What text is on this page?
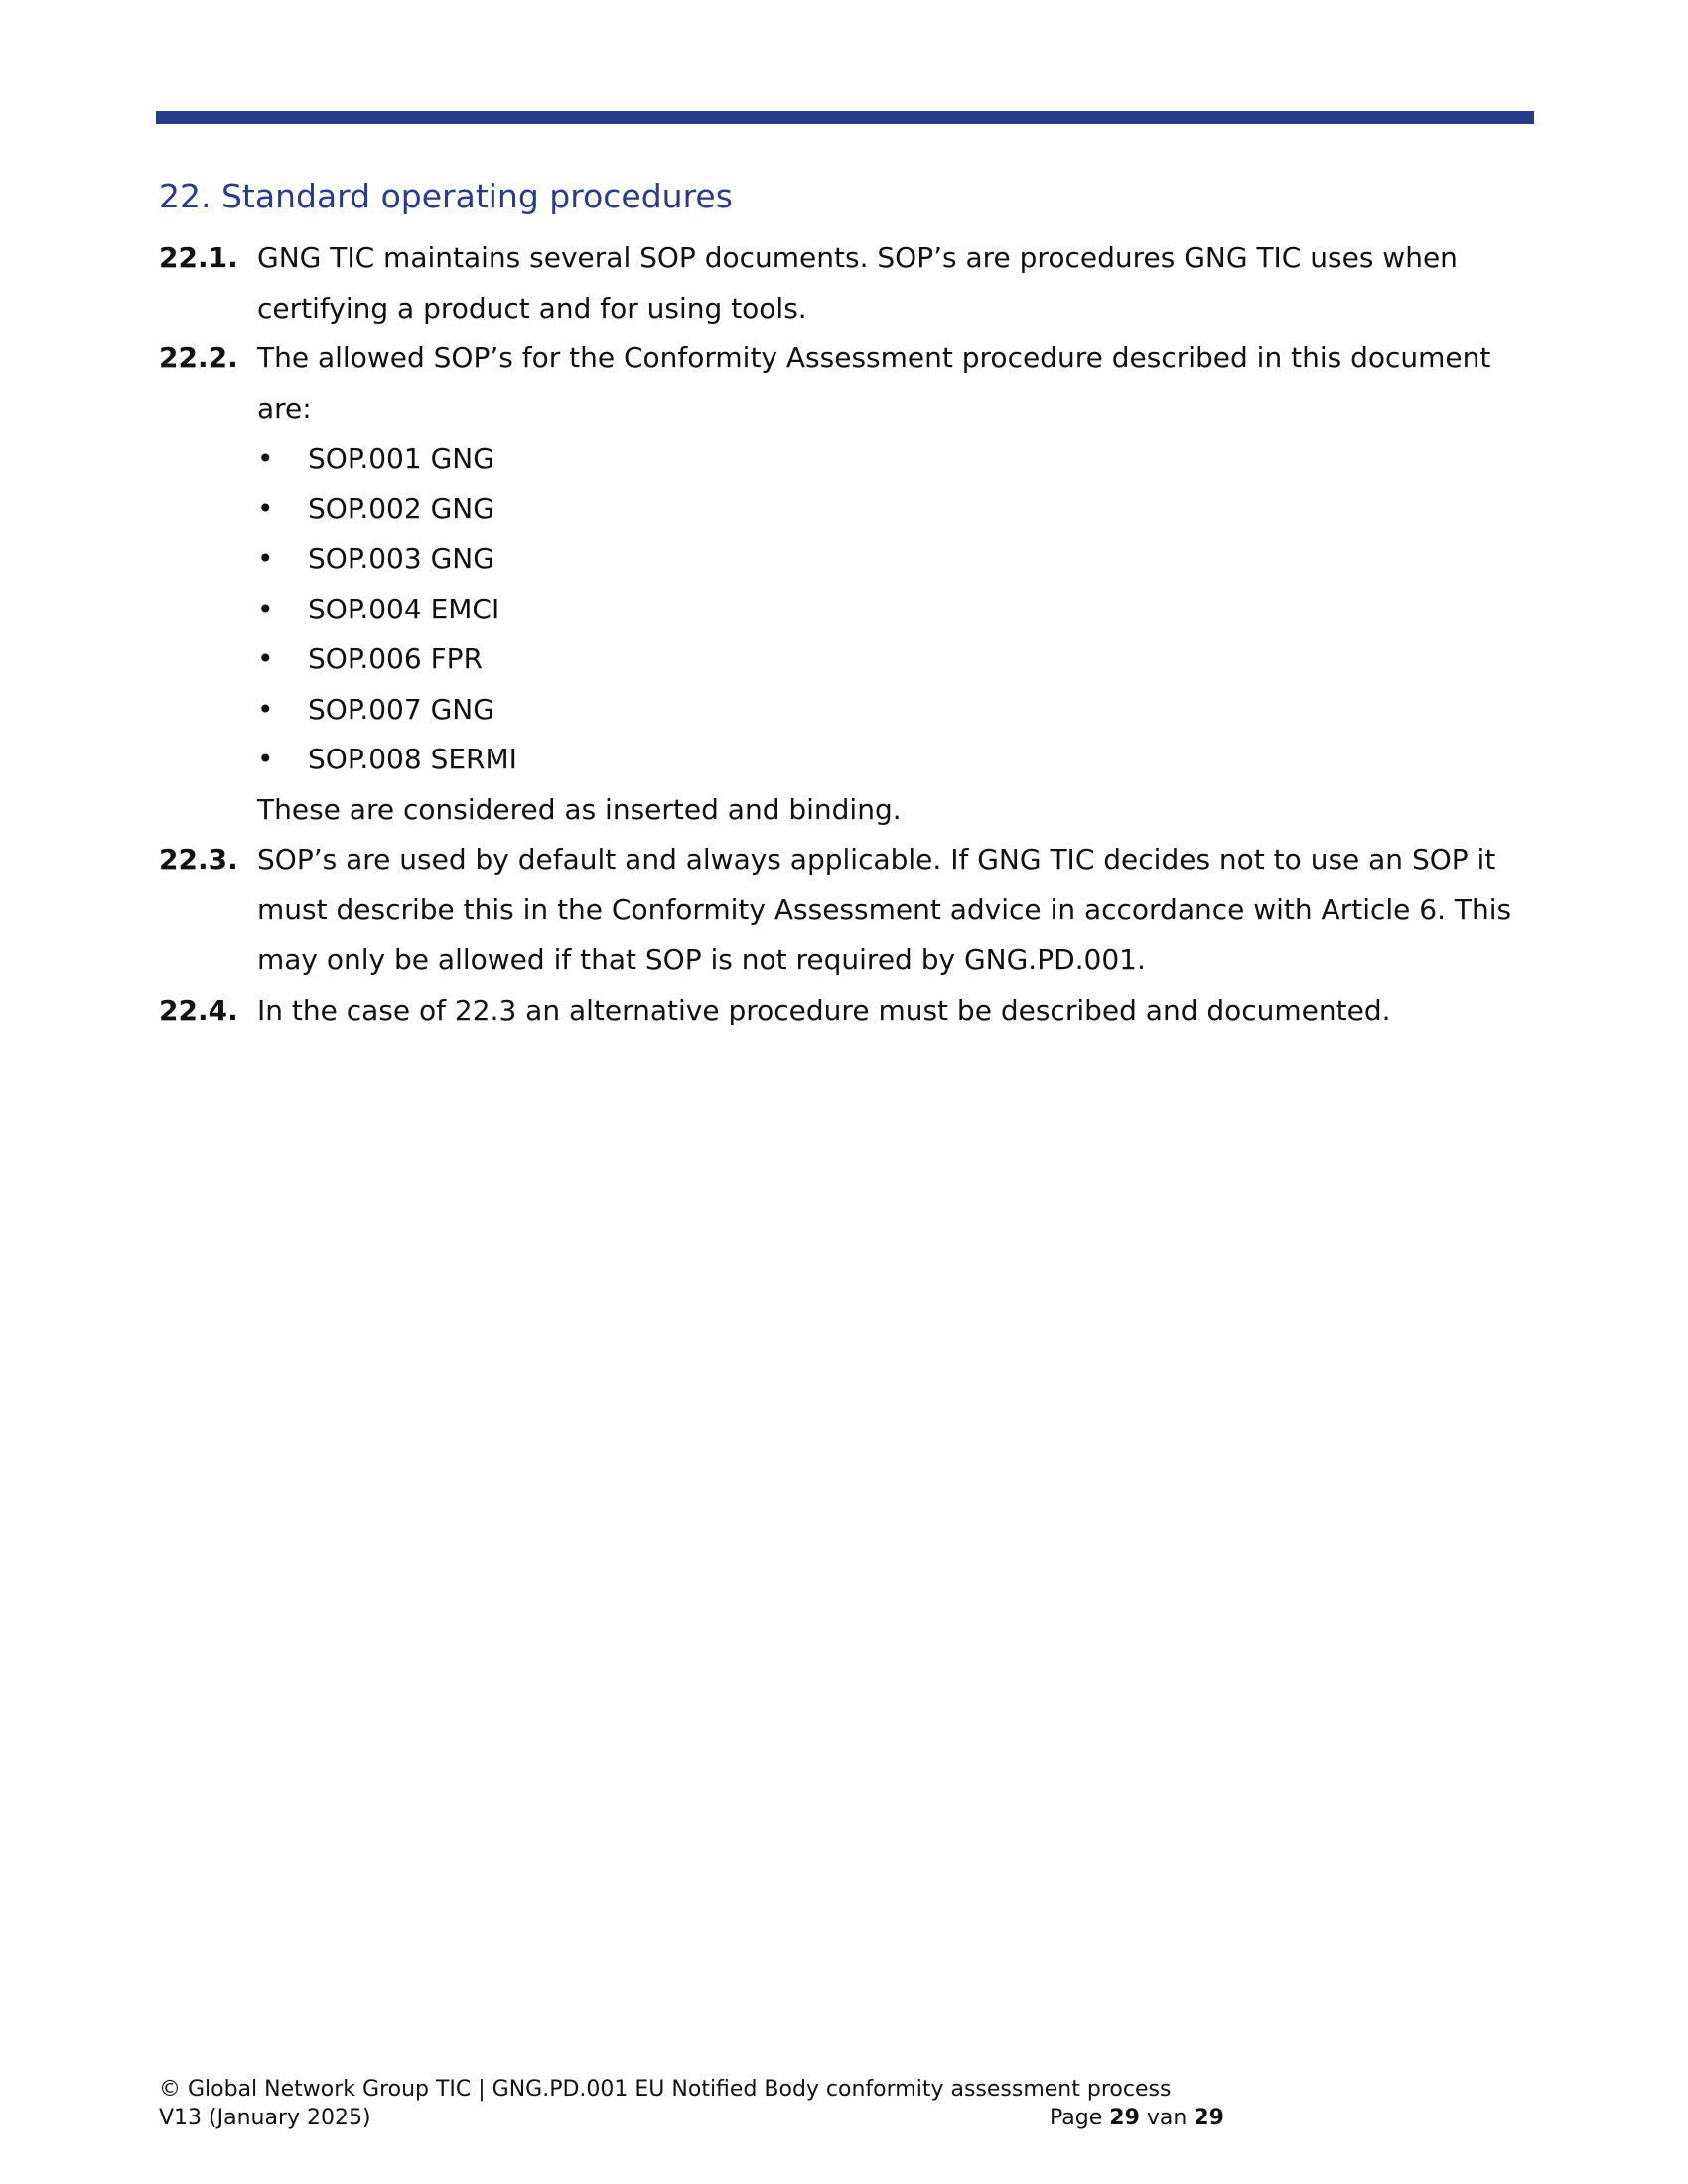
22. Standard operating procedures
22.1. GNG TIC maintains several SOP documents. SOP’s are procedures GNG TIC uses when
certifying a product and for using tools.
22.2. The allowed SOP’s for the Conformity Assessment procedure described in this document
are:
• SOP.001 GNG
• SOP.002 GNG
• SOP.003 GNG
• SOP.004 EMCI
• SOP.006 FPR
• SOP.007 GNG
• SOP.008 SERMI
These are considered as inserted and binding.
22.3. SOP’s are used by default and always applicable. If GNG TIC decides not to use an SOP it
must describe this in the Conformity Assessment advice in accordance with Article 6. This
may only be allowed if that SOP is not required by GNG.PD.001.
22.4. In the case of 22.3 an alternative procedure must be described and documented.
© Global Network Group TIC | GNG.PD.001 EU Notified Body conformity assessment process
V13 (January 2025)	Page 29 van 29
